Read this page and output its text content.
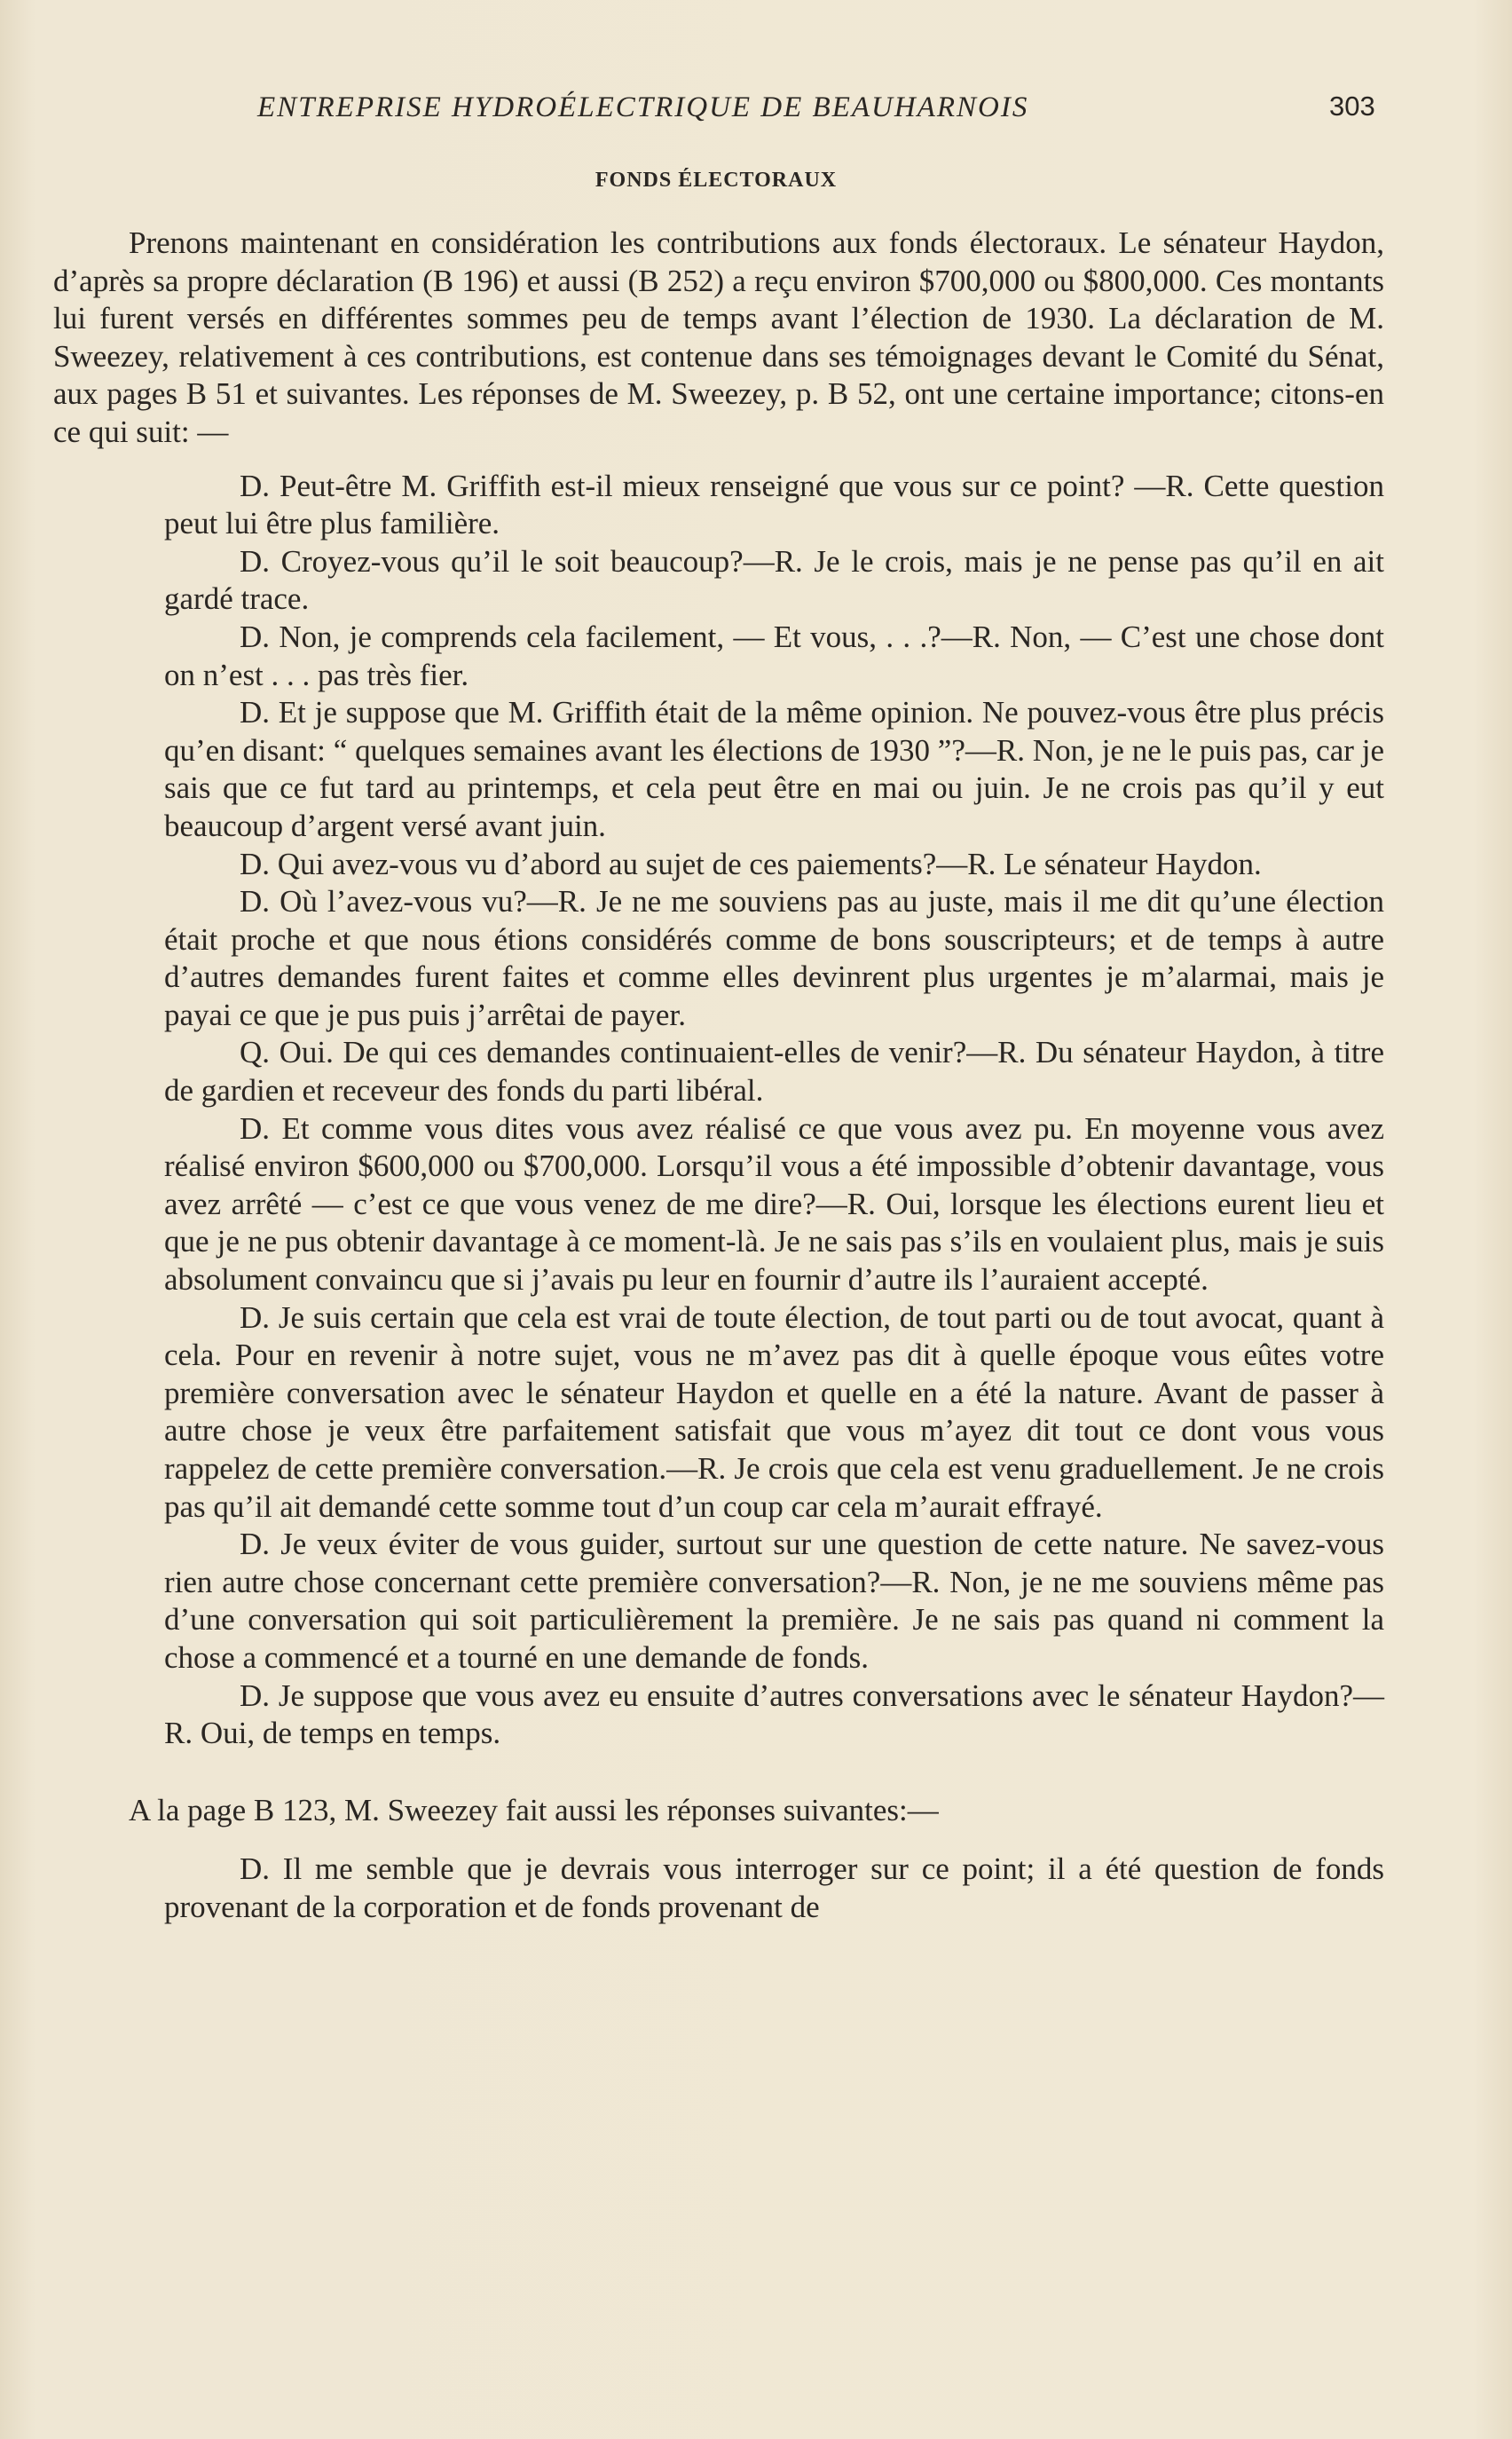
ENTREPRISE HYDROÉLECTRIQUE DE BEAUHARNOIS	303
FONDS ÉLECTORAUX

Prenons maintenant en considération les contributions aux fonds électoraux. Le sénateur Haydon, d’après sa propre déclaration (B 196) et aussi (B 252) a reçu environ $700,000 ou $800,000. Ces montants lui furent versés en différentes sommes peu de temps avant l’élection de 1930. La déclaration de M. Sweezey, relativement à ces contributions, est contenue dans ses témoignages devant le Comité du Sénat, aux pages B 51 et suivantes. Les réponses de M. Sweezey, p. B 52, ont une certaine importance; citons-en ce qui suit: —

D. Peut-être M. Griffith est-il mieux renseigné que vous sur ce point? —R. Cette question peut lui être plus familière.

D. Croyez-vous qu’il le soit beaucoup?—R. Je le crois, mais je ne pense pas qu’il en ait gardé trace.

D. Non, je comprends cela facilement, — Et vous, . . .?—R. Non, — C’est une chose dont on n’est . . . pas très fier.

D. Et je suppose que M. Griffith était de la même opinion. Ne pouvez-vous être plus précis qu’en disant: “ quelques semaines avant les élections de 1930 ”?—R. Non, je ne le puis pas, car je sais que ce fut tard au printemps, et cela peut être en mai ou juin. Je ne crois pas qu’il y eut beaucoup d’argent versé avant juin.

D. Qui avez-vous vu d’abord au sujet de ces paiements?—R. Le sénateur Haydon.

D. Où l’avez-vous vu?—R. Je ne me souviens pas au juste, mais il me dit qu’une élection était proche et que nous étions considérés comme de bons souscripteurs; et de temps à autre d’autres demandes furent faites et comme elles devinrent plus urgentes je m’alarmai, mais je payai ce que je pus puis j’arrêtai de payer.

Q. Oui. De qui ces demandes continuaient-elles de venir?—R. Du sénateur Haydon, à titre de gardien et receveur des fonds du parti libéral.

D. Et comme vous dites vous avez réalisé ce que vous avez pu. En moyenne vous avez réalisé environ $600,000 ou $700,000. Lorsqu’il vous a été impossible d’obtenir davantage, vous avez arrêté — c’est ce que vous venez de me dire?—R. Oui, lorsque les élections eurent lieu et que je ne pus obtenir davantage à ce moment-là. Je ne sais pas s’ils en voulaient plus, mais je suis absolument convaincu que si j’avais pu leur en fournir d’autre ils l’auraient accepté.

D. Je suis certain que cela est vrai de toute élection, de tout parti ou de tout avocat, quant à cela. Pour en revenir à notre sujet, vous ne m’avez pas dit à quelle époque vous eûtes votre première conversation avec le sénateur Haydon et quelle en a été la nature. Avant de passer à autre chose je veux être parfaitement satisfait que vous m’ayez dit tout ce dont vous vous rappelez de cette première conversation.—R. Je crois que cela est venu graduellement. Je ne crois pas qu’il ait demandé cette somme tout d’un coup car cela m’aurait effrayé.

D. Je veux éviter de vous guider, surtout sur une question de cette nature. Ne savez-vous rien autre chose concernant cette première conversation?—R. Non, je ne me souviens même pas d’une conversation qui soit particulièrement la première. Je ne sais pas quand ni comment la chose a commencé et a tourné en une demande de fonds.

D. Je suppose que vous avez eu ensuite d’autres conversations avec le sénateur Haydon?—R. Oui, de temps en temps.

A la page B 123, M. Sweezey fait aussi les réponses suivantes:—

D. Il me semble que je devrais vous interroger sur ce point; il a été question de fonds provenant de la corporation et de fonds provenant de
